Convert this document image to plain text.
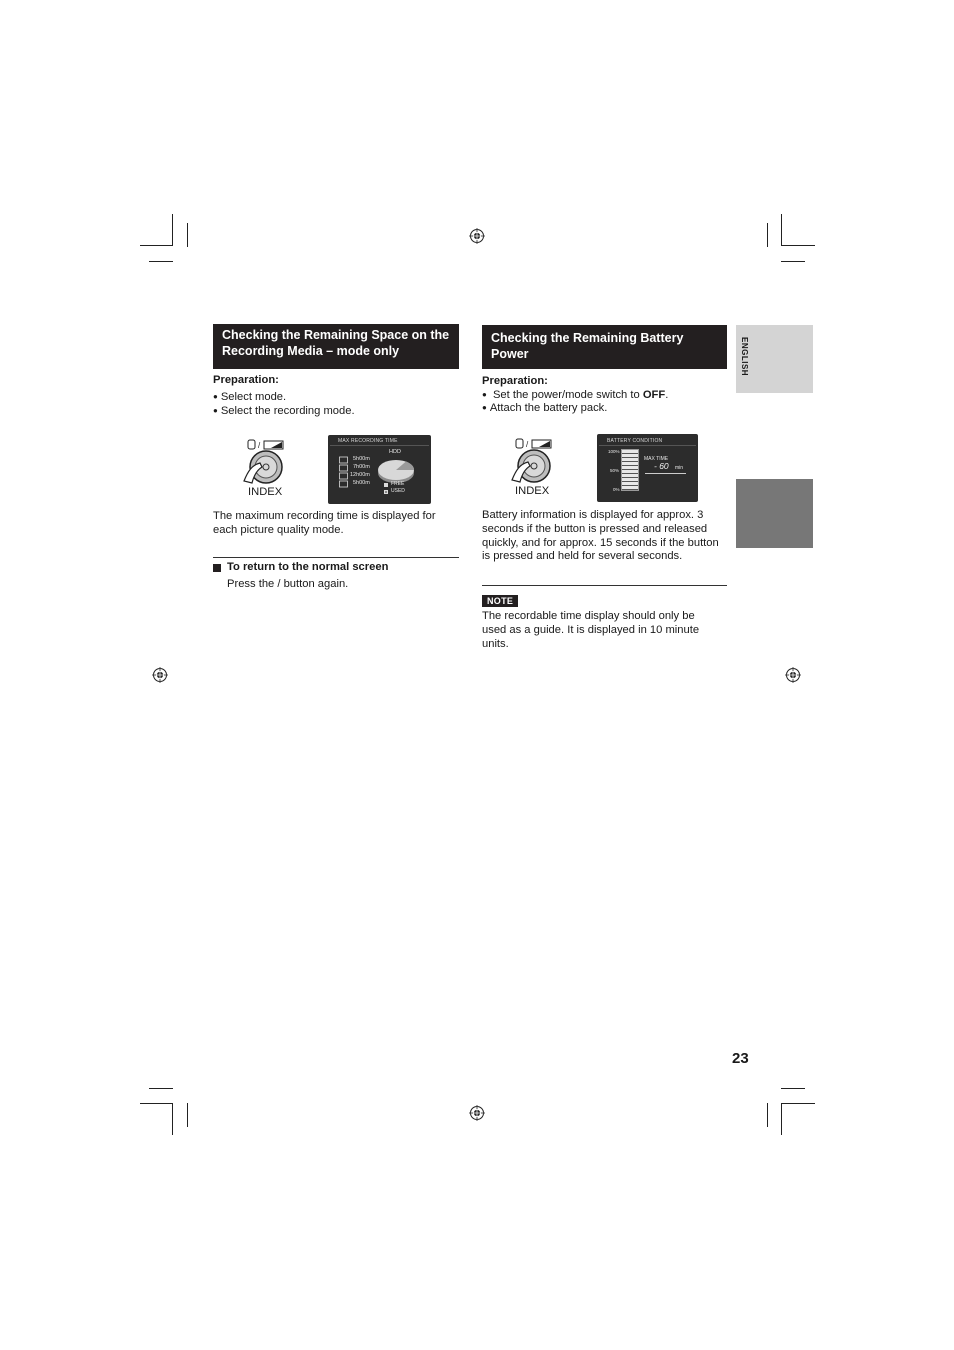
ENGLISH
Checking the Remaining Space on the Recording Media – mode only
Preparation:
● Select mode.
● Select the recording mode.
/
INDEX
MAX RECORDING TIME
HDD
5h00m
7h00m
12h00m
5h00m	FREE
USED
The maximum recording time is displayed for each picture quality mode.
To return to the normal screen
Press the / button again.
Checking the Remaining Battery Power
Preparation:
● Set the power/mode switch to OFF.
● Attach the battery pack.
/
INDEX
BATTERY CONDITION
100%
50%
0%
MAX TIME
- 60 min
Battery information is displayed for approx. 3 seconds if the button is pressed and released quickly, and for approx. 15 seconds if the button is pressed and held for several seconds.
NOTE
The recordable time display should only be used as a guide. It is displayed in 10 minute units.
23
